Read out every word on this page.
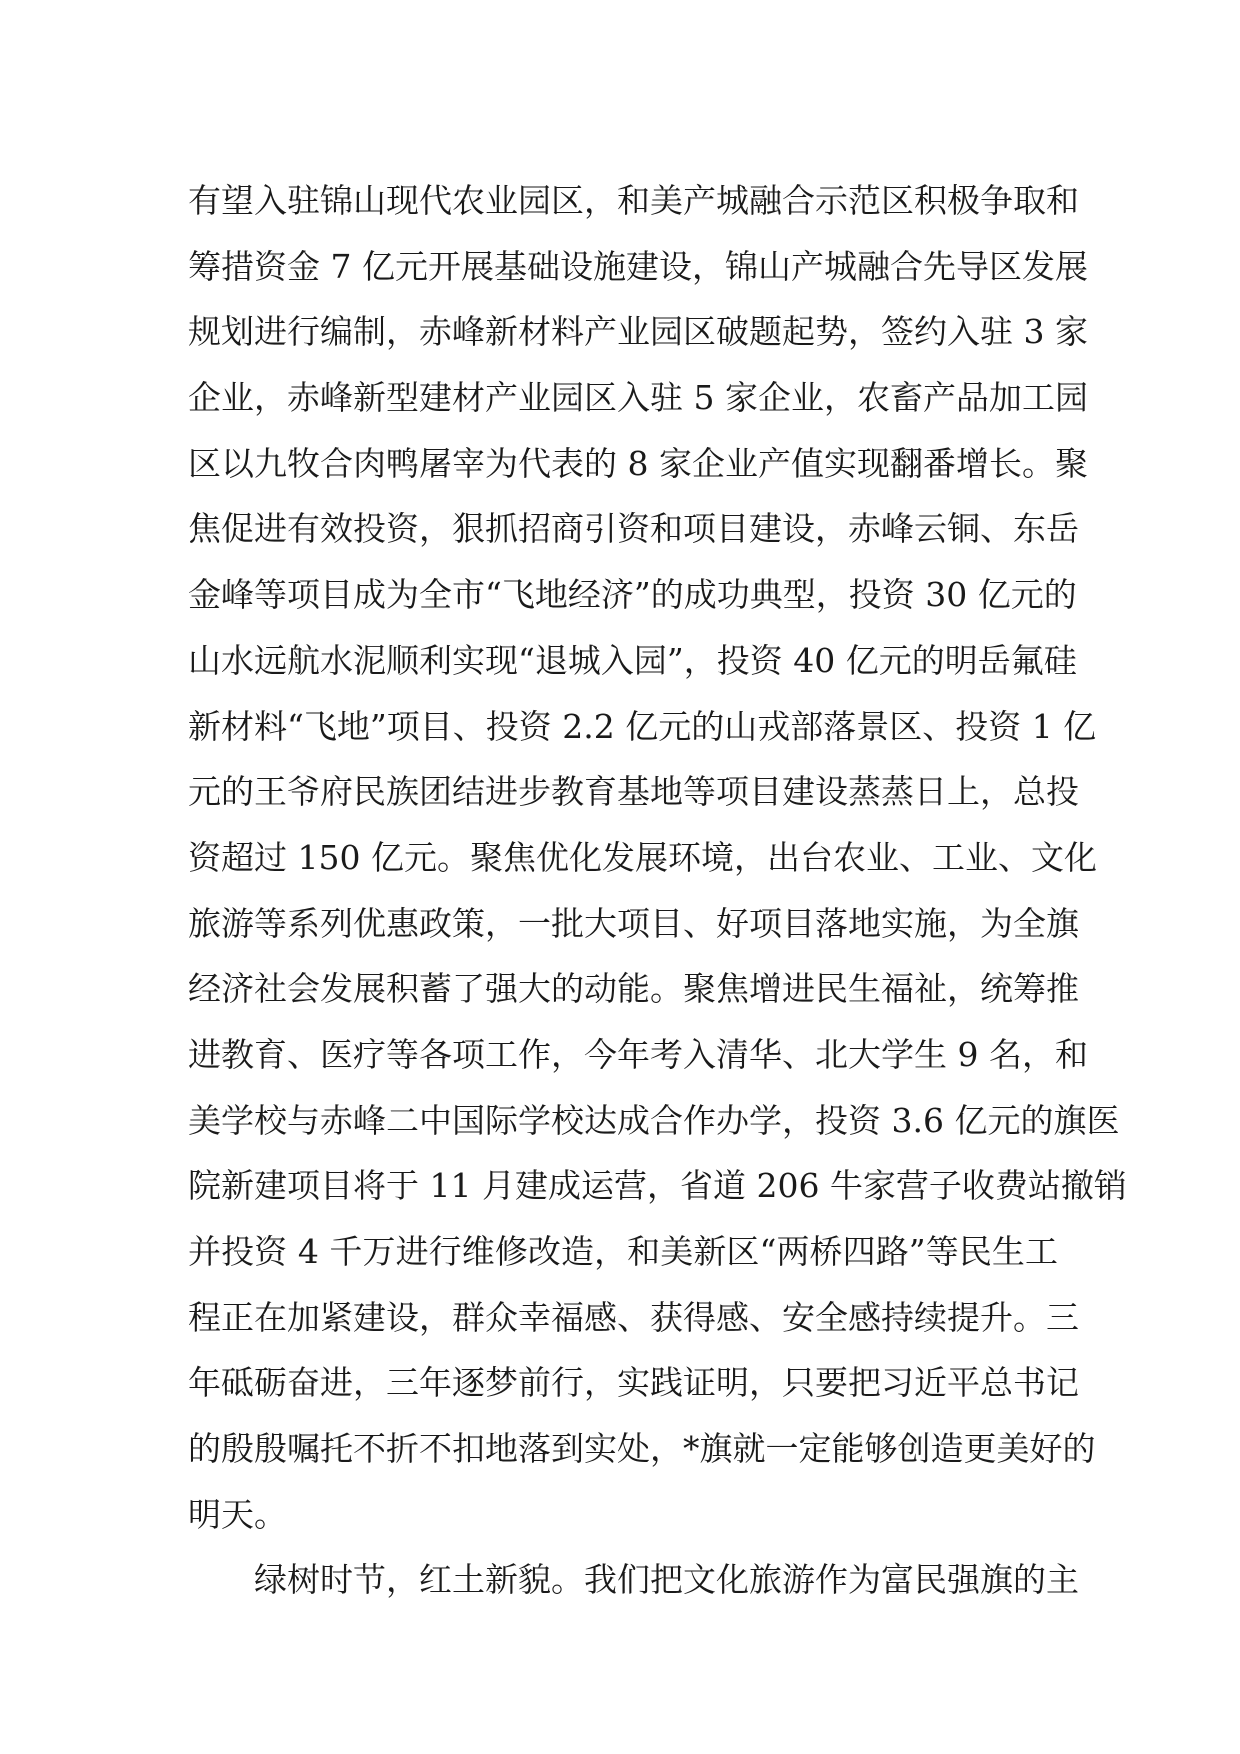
有望入驻锦山现代农业园区，和美产城融合示范区积极争取和
筹措资金 7 亿元开展基础设施建设，锦山产城融合先导区发展
规划进行编制，赤峰新材料产业园区破题起势，签约入驻 3 家
企业，赤峰新型建材产业园区入驻 5 家企业，农畜产品加工园
区以九牧合肉鸭屠宰为代表的 8 家企业产值实现翻番增长。聚
焦促进有效投资，狠抓招商引资和项目建设，赤峰云铜、东岳
金峰等项目成为全市“飞地经济”的成功典型，投资 30 亿元的
山水远航水泥顺利实现“退城入园”，投资 40 亿元的明岳氟硅
新材料“飞地”项目、投资 2.2 亿元的山戎部落景区、投资 1 亿
元的王爷府民族团结进步教育基地等项目建设蒸蒸日上，总投
资超过 150 亿元。聚焦优化发展环境，出台农业、工业、文化
旅游等系列优惠政策，一批大项目、好项目落地实施，为全旗
经济社会发展积蓄了强大的动能。聚焦增进民生福祉，统筹推
进教育、医疗等各项工作，今年考入清华、北大学生 9 名，和
美学校与赤峰二中国际学校达成合作办学，投资 3.6 亿元的旗医
院新建项目将于 11 月建成运营，省道 206 牛家营子收费站撤销
并投资 4 千万进行维修改造，和美新区“两桥四路”等民生工
程正在加紧建设，群众幸福感、获得感、安全感持续提升。三
年砥砺奋进，三年逐梦前行，实践证明，只要把习近平总书记
的殷殷嘱托不折不扣地落到实处，*旗就一定能够创造更美好的
明天。
绿树时节，红土新貌。我们把文化旅游作为富民强旗的主
